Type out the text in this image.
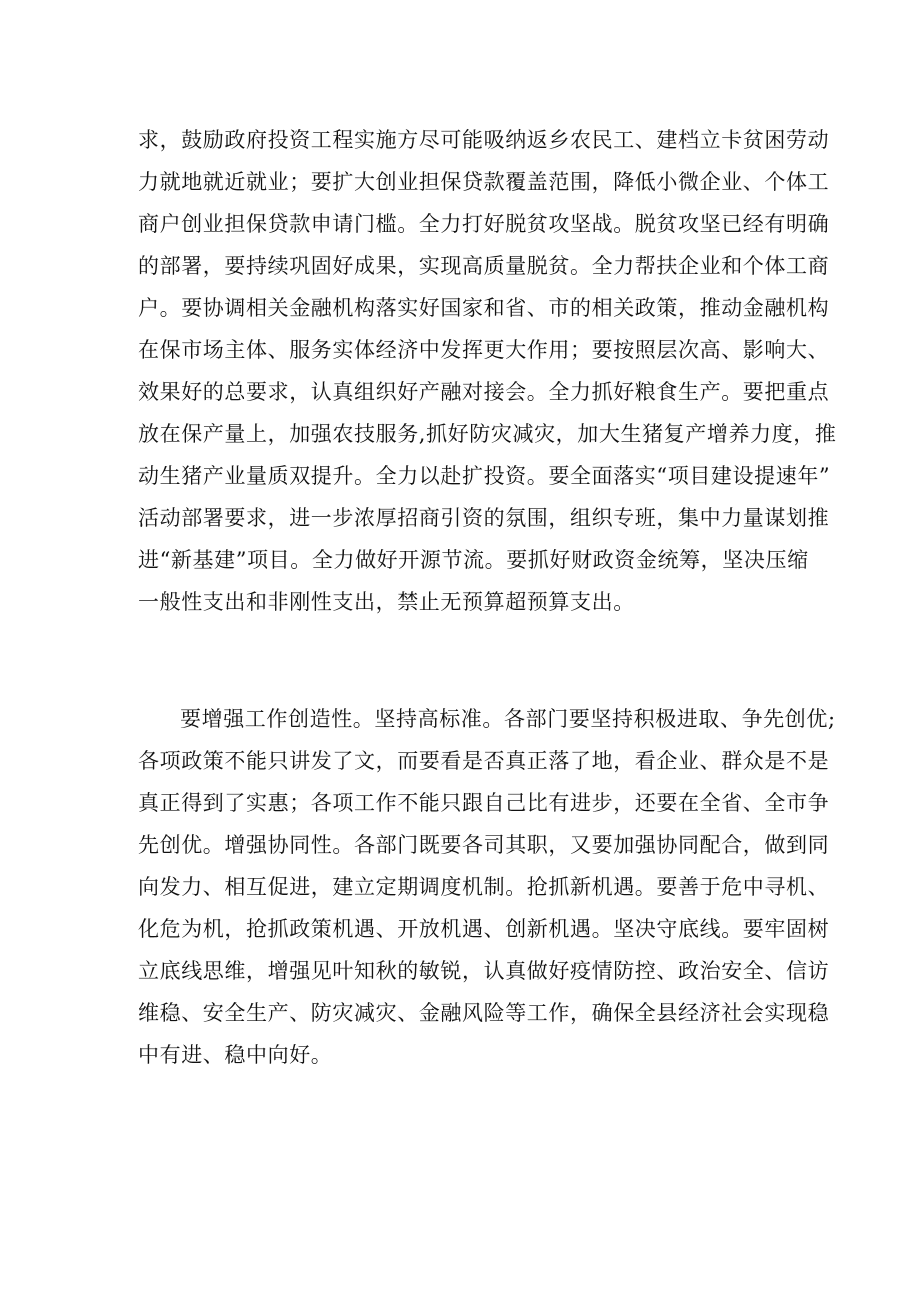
求，鼓励政府投资工程实施方尽可能吸纳返乡农民工、建档立卡贫困劳动
力就地就近就业；要扩大创业担保贷款覆盖范围，降低小微企业、个体工
商户创业担保贷款申请门槛。全力打好脱贫攻坚战。脱贫攻坚已经有明确
的部署，要持续巩固好成果，实现高质量脱贫。全力帮扶企业和个体工商
户。要协调相关金融机构落实好国家和省、市的相关政策，推动金融机构
在保市场主体、服务实体经济中发挥更大作用；要按照层次高、影响大、
效果好的总要求，认真组织好产融对接会。全力抓好粮食生产。要把重点
放在保产量上，加强农技服务,抓好防灾减灾，加大生猪复产增养力度，推
动生猪产业量质双提升。全力以赴扩投资。要全面落实“项目建设提速年”
活动部署要求，进一步浓厚招商引资的氛围，组织专班，集中力量谋划推
进“新基建”项目。全力做好开源节流。要抓好财政资金统筹，坚决压缩
一般性支出和非刚性支出，禁止无预算超预算支出。
要增强工作创造性。坚持高标准。各部门要坚持积极进取、争先创优;
各项政策不能只讲发了文，而要看是否真正落了地，看企业、群众是不是
真正得到了实惠；各项工作不能只跟自己比有进步，还要在全省、全市争
先创优。增强协同性。各部门既要各司其职，又要加强协同配合，做到同
向发力、相互促进，建立定期调度机制。抢抓新机遇。要善于危中寻机、
化危为机，抢抓政策机遇、开放机遇、创新机遇。坚决守底线。要牢固树
立底线思维，增强见叶知秋的敏锐，认真做好疫情防控、政治安全、信访
维稳、安全生产、防灾减灾、金融风险等工作，确保全县经济社会实现稳
中有进、稳中向好。
